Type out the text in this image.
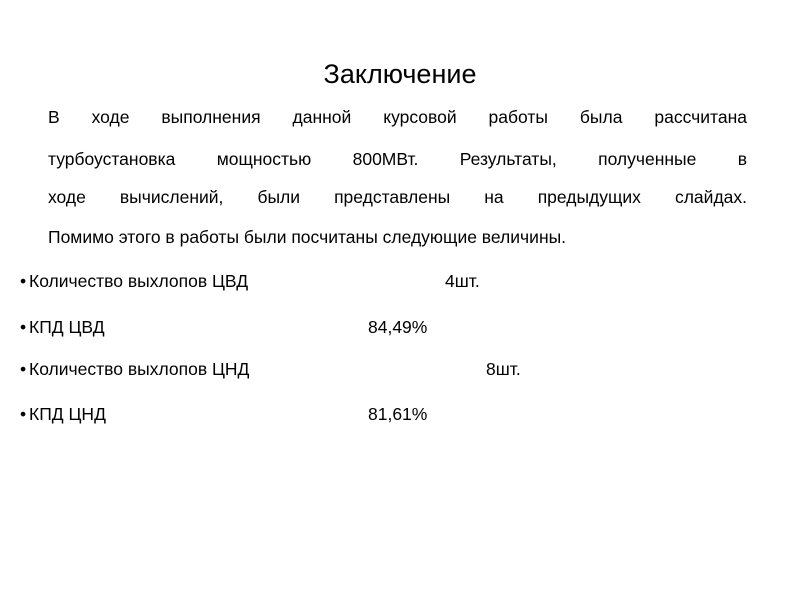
Заключение
В ходе выполнения данной курсовой работы была рассчитана
турбоустановка мощностью 800МВт. Результаты, полученные в
ходе вычислений, были представлены на предыдущих слайдах.
Помимо этого в работы были посчитаны следующие величины.
• Количество выхлопов ЦВД	4шт.
• КПД ЦВД	84,49%
• Количество выхлопов ЦНД	8шт.
• КПД ЦНД	81,61%
